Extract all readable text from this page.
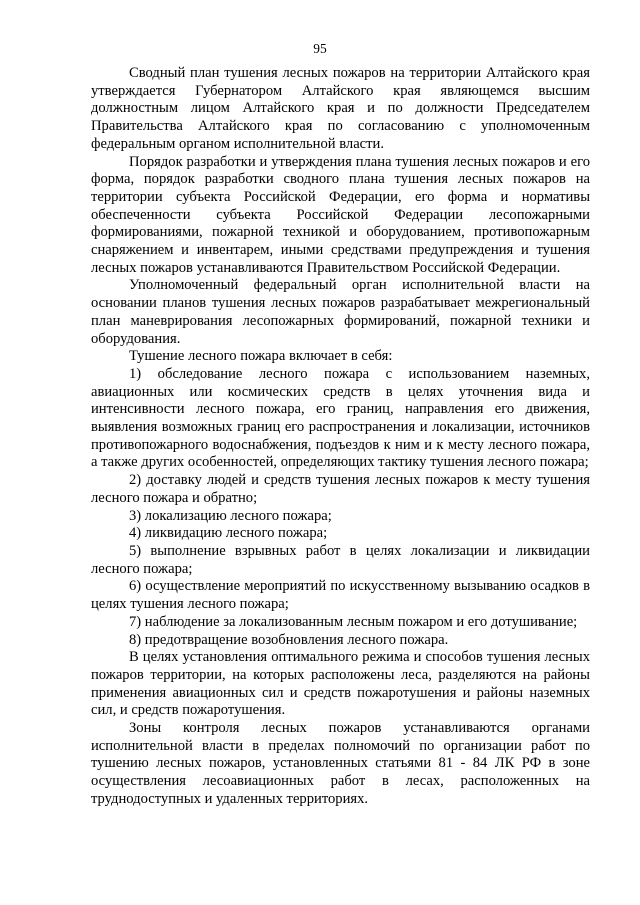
95

Сводный план тушения лесных пожаров на территории Алтайского края утверждается Губернатором Алтайского края являющемся высшим должностным лицом Алтайского края и по должности Председателем Правительства Алтайского края по согласованию с уполномоченным федеральным органом исполнительной власти.

Порядок разработки и утверждения плана тушения лесных пожаров и его форма, порядок разработки сводного плана тушения лесных пожаров на территории субъекта Российской Федерации, его форма и нормативы обеспеченности субъекта Российской Федерации лесопожарными формированиями, пожарной техникой и оборудованием, противопожарным снаряжением и инвентарем, иными средствами предупреждения и тушения лесных пожаров устанавливаются Правительством Российской Федерации.

Уполномоченный федеральный орган исполнительной власти на основании планов тушения лесных пожаров разрабатывает межрегиональный план маневрирования лесопожарных формирований, пожарной техники и оборудования.

Тушение лесного пожара включает в себя:

1) обследование лесного пожара с использованием наземных, авиационных или космических средств в целях уточнения вида и интенсивности лесного пожара, его границ, направления его движения, выявления возможных границ его распространения и локализации, источников противопожарного водоснабжения, подъездов к ним и к месту лесного пожара, а также других особенностей, определяющих тактику тушения лесного пожара;

2) доставку людей и средств тушения лесных пожаров к месту тушения лесного пожара и обратно;

3) локализацию лесного пожара;

4) ликвидацию лесного пожара;

5) выполнение взрывных работ в целях локализации и ликвидации лесного пожара;

6) осуществление мероприятий по искусственному вызыванию осадков в целях тушения лесного пожара;

7) наблюдение за локализованным лесным пожаром и его дотушивание;

8) предотвращение возобновления лесного пожара.

В целях установления оптимального режима и способов тушения лесных пожаров территории, на которых расположены леса, разделяются на районы применения авиационных сил и средств пожаротушения и районы наземных сил, и средств пожаротушения.

Зоны контроля лесных пожаров устанавливаются органами исполнительной власти в пределах полномочий по организации работ по тушению лесных пожаров, установленных статьями 81 - 84 ЛК РФ в зоне осуществления лесоавиационных работ в лесах, расположенных на труднодоступных и удаленных территориях.
